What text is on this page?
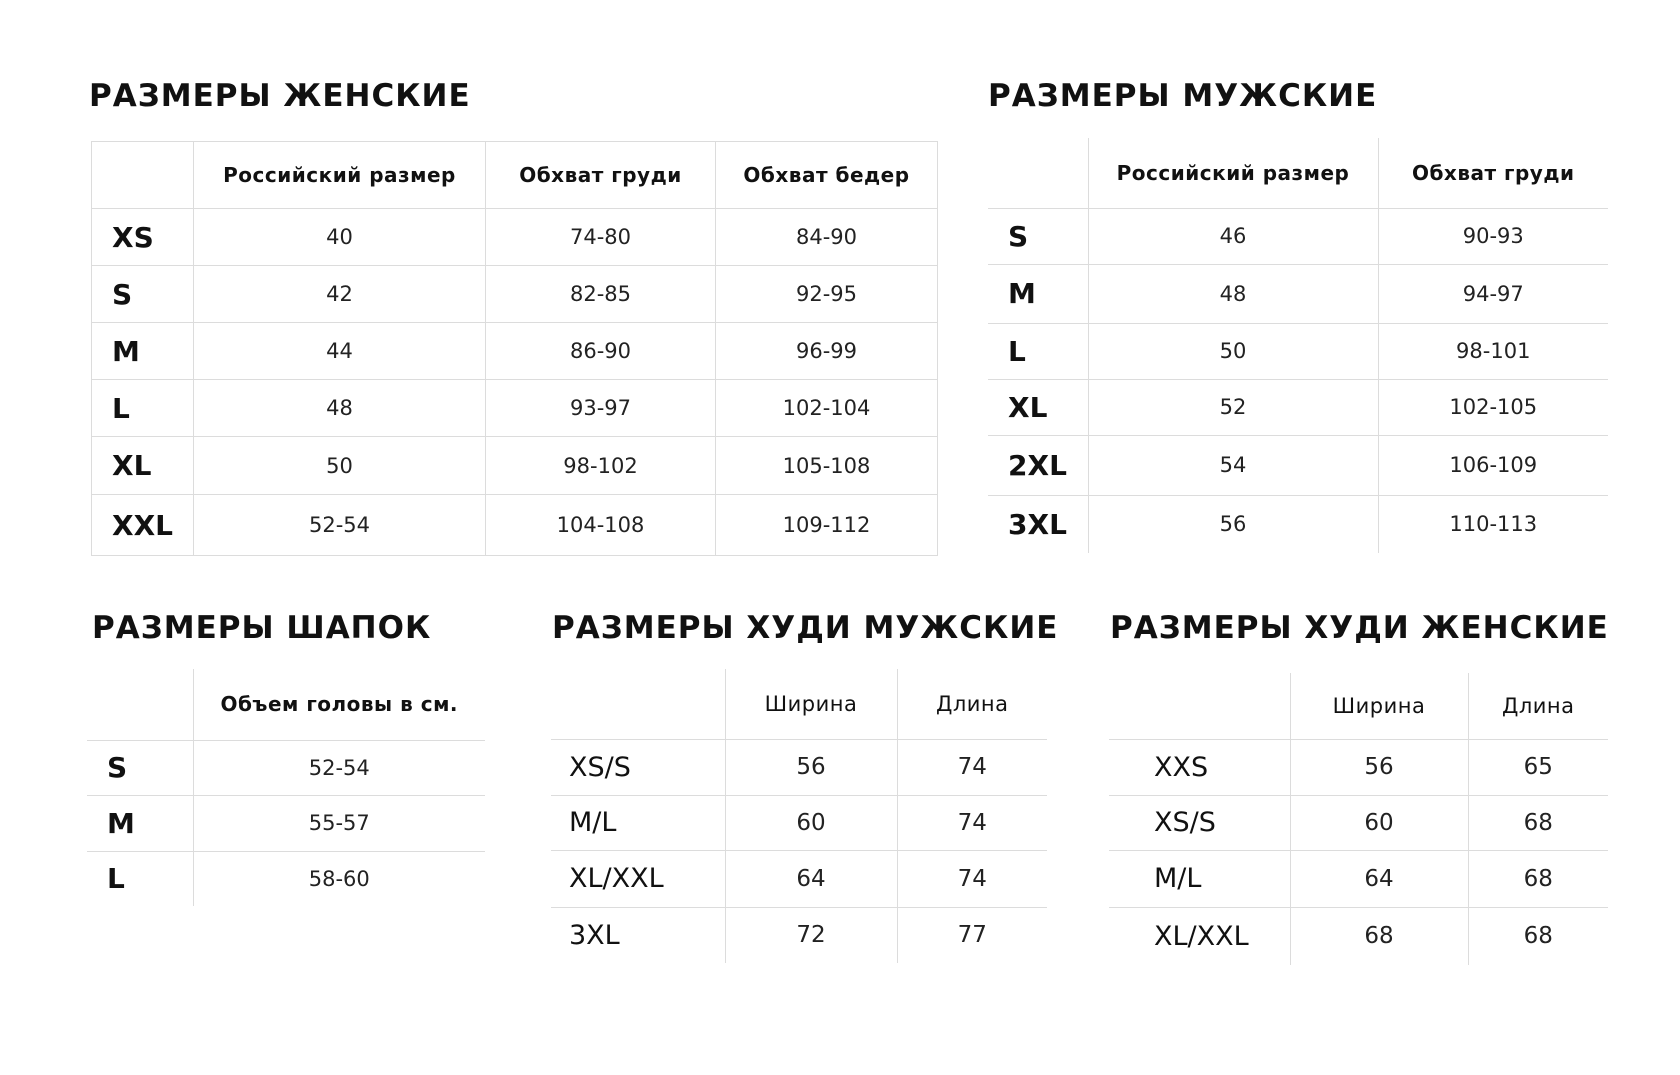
РАЗМЕРЫ ЖЕНСКИЕ
	Российский размер	Обхват груди	Обхват бедер
XS	40	74-80	84-90
S	42	82-85	92-95
M	44	86-90	96-99
L	48	93-97	102-104
XL	50	98-102	105-108
XXL	52-54	104-108	109-112
РАЗМЕРЫ МУЖСКИЕ
	Российский размер	Обхват груди
S	46	90-93
M	48	94-97
L	50	98-101
XL	52	102-105
2XL	54	106-109
3XL	56	110-113
РАЗМЕРЫ ШАПОК
	Объем головы в см.
S	52-54
M	55-57
L	58-60
РАЗМЕРЫ ХУДИ МУЖСКИЕ
	Ширина	Длина
XS/S	56	74
M/L	60	74
XL/XXL	64	74
3XL	72	77
РАЗМЕРЫ ХУДИ ЖЕНСКИЕ
	Ширина	Длина
XXS	56	65
XS/S	60	68
M/L	64	68
XL/XXL	68	68
